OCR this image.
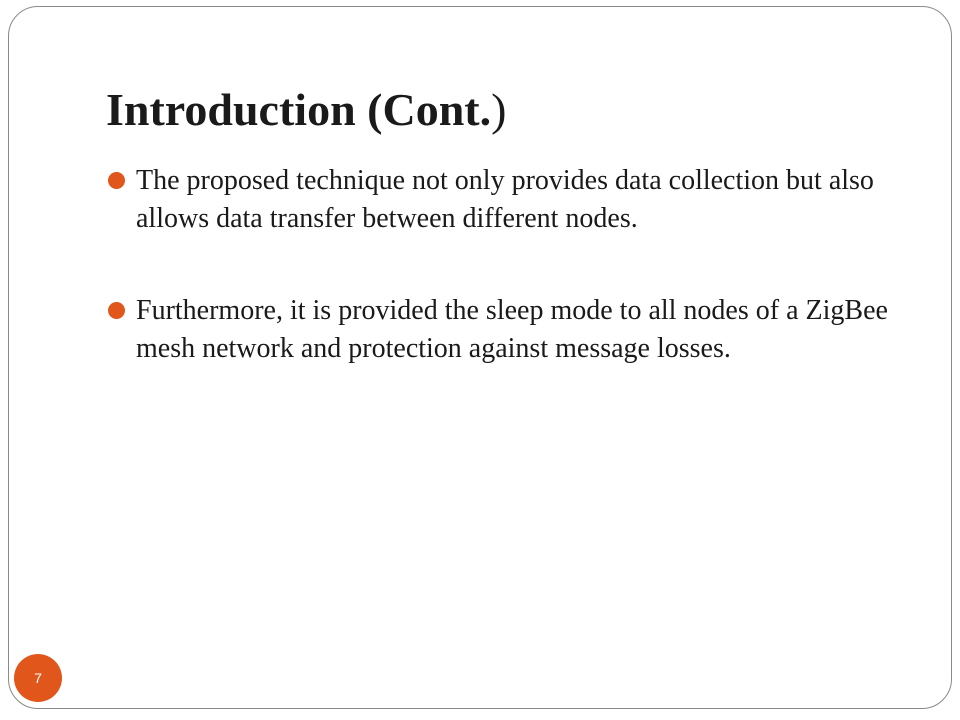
Introduction (Cont.)
The proposed technique not only provides data collection but also allows data transfer between different nodes.
Furthermore, it is provided the sleep mode to all nodes of a ZigBee mesh network and protection against message losses.
7
